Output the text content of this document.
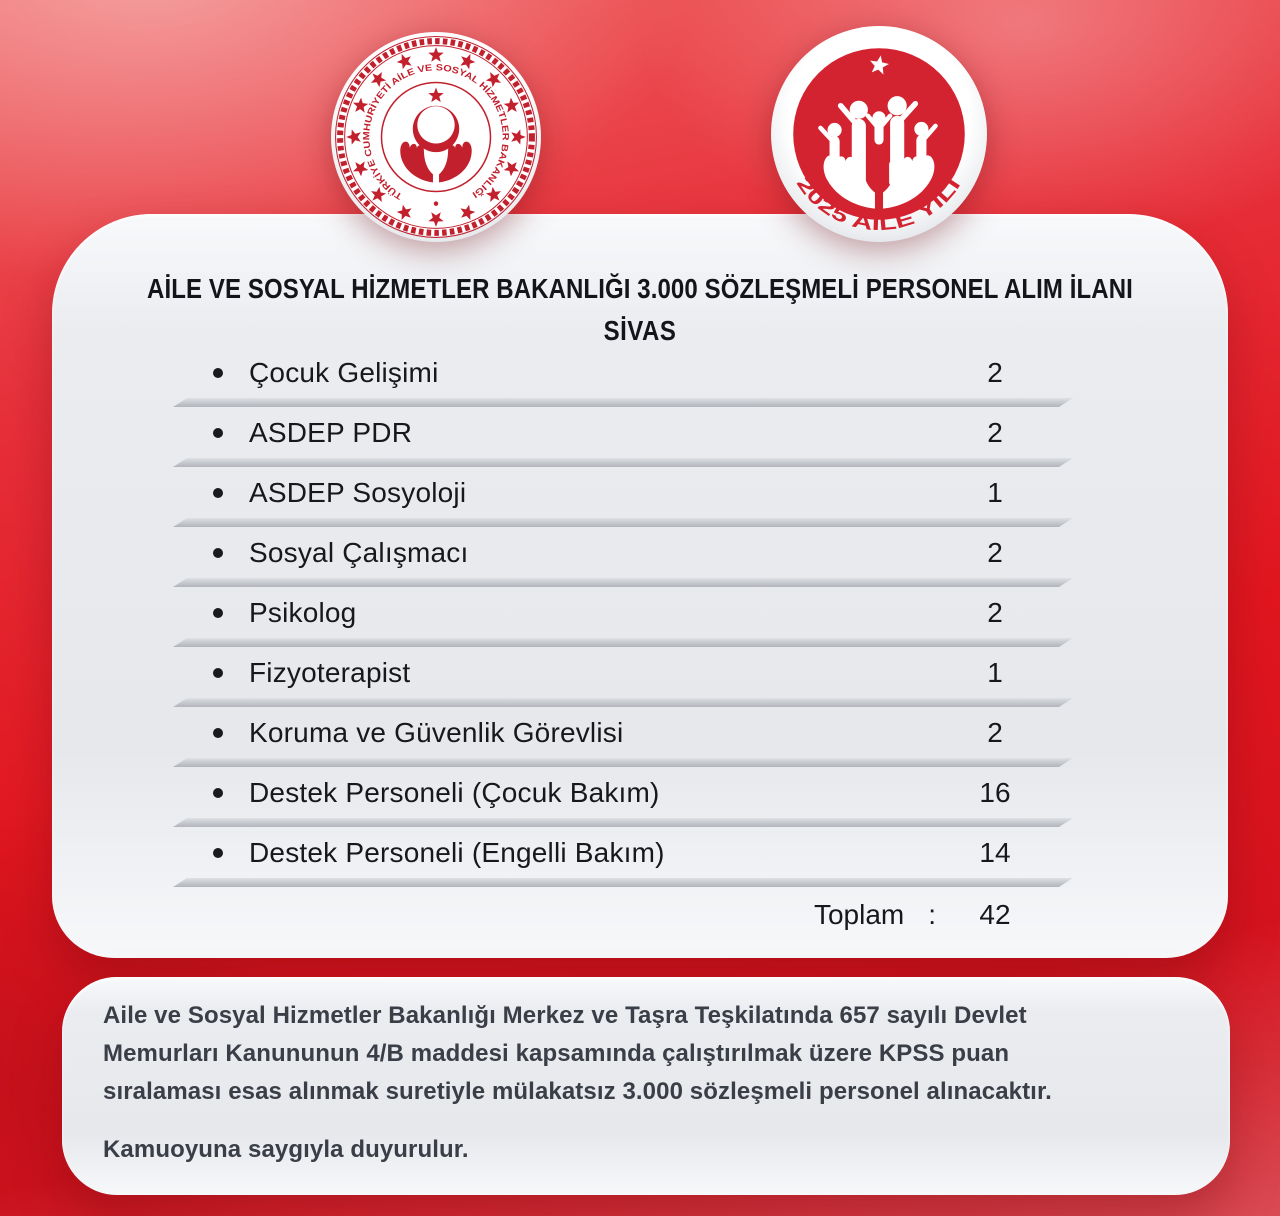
TÜRKİYE CUMHURİYETİ AİLE VE SOSYAL HİZMETLER BAKANLIĞI
2025 AİLE YILI
AİLE VE SOSYAL HİZMETLER BAKANLIĞI 3.000 SÖZLEŞMELİ PERSONEL ALIM İLANI
SİVAS
Çocuk Gelişimi	2
ASDEP PDR	2
ASDEP Sosyoloji	1
Sosyal Çalışmacı	2
Psikolog	2
Fizyoterapist	1
Koruma ve Güvenlik Görevlisi	2
Destek Personeli (Çocuk Bakım)	16
Destek Personeli (Engelli Bakım)	14
Toplam :	42
Aile ve Sosyal Hizmetler Bakanlığı Merkez ve Taşra Teşkilatında 657 sayılı Devlet
Memurları Kanununun 4/B maddesi kapsamında çalıştırılmak üzere KPSS puan
sıralaması esas alınmak suretiyle mülakatsız 3.000 sözleşmeli personel alınacaktır.
Kamuoyuna saygıyla duyurulur.
